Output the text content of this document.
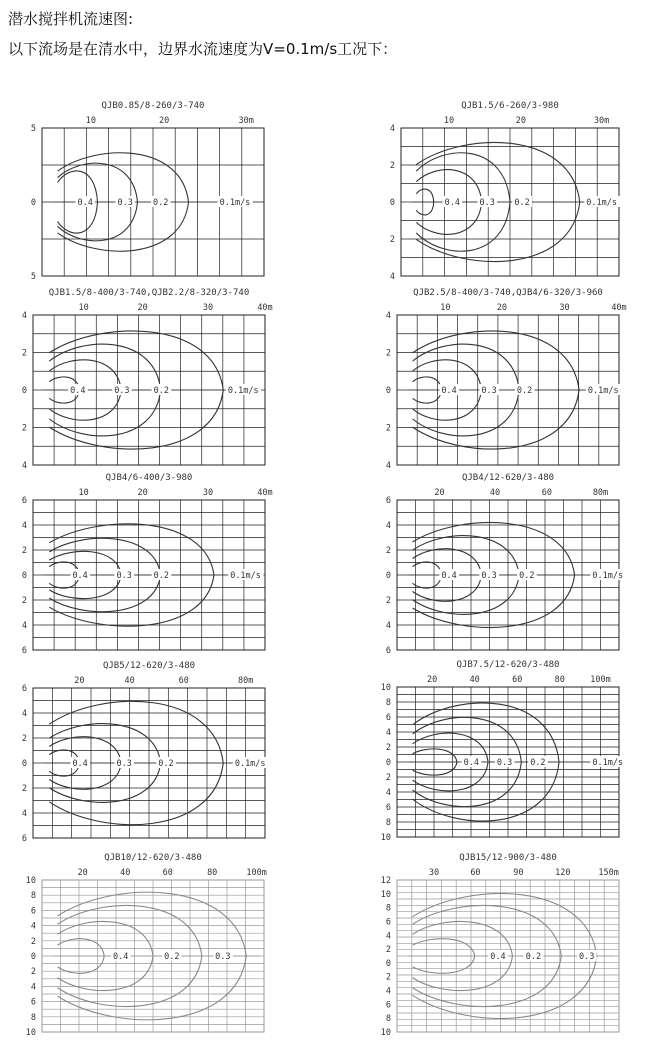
潜水搅拌机流速图:
以下流场是在清水中，边界水流速度为V=0.1m/s工况下：
QJB0.85/8-260/3-740
10	20	30m
5
0
5
0.4	0.3 0.2	0.1m/s
QJB1.5/6-260/3-980
10	20	30m
4
2
0
2
4
0.4 0.3 0.2	0.1m/s
QJB1.5/8-400/3-740,QJB2.2/8-320/3-740
10	20	30	40m
4
2
0
2
4
0.4	0.3	0.2	0.1m/s
QJB2.5/8-400/3-740,QJB4/6-320/3-960
10	20	30	40m
4
2
0
2
4
0.4	0.3 0.2	0.1m/s
QJB4/6-400/3-980
10	20	30	40m
6
4
2
0
2
4
6
0.4	0.3	0.2	0.1m/s
QJB4/12-620/3-480
20	40	60	80m
6
4
2
0
2
4
6
0.4	0.3	0.2	0.1m/s
QJB5/12-620/3-480
20	40	60	80m
6
4
2
0
2
4
6
0.4	0.3	0.2	0.1m/s
QJB7.5/12-620/3-480
20	40	60	80	100m
10
8
6
4
2
0
2
4
6
8
10
0.4 0.3 0.2	0.1m/s
QJB10/12-620/3-480
20	40	60	80	100m
10
8
6
4
2
0
2
4
6
8
10
0.4	0.2	0.3
QJB15/12-900/3-480
30	60	90	120	150m
12
10
8
6
4
2
0
2
4
6
8
10
0.4 0.2	0.3
